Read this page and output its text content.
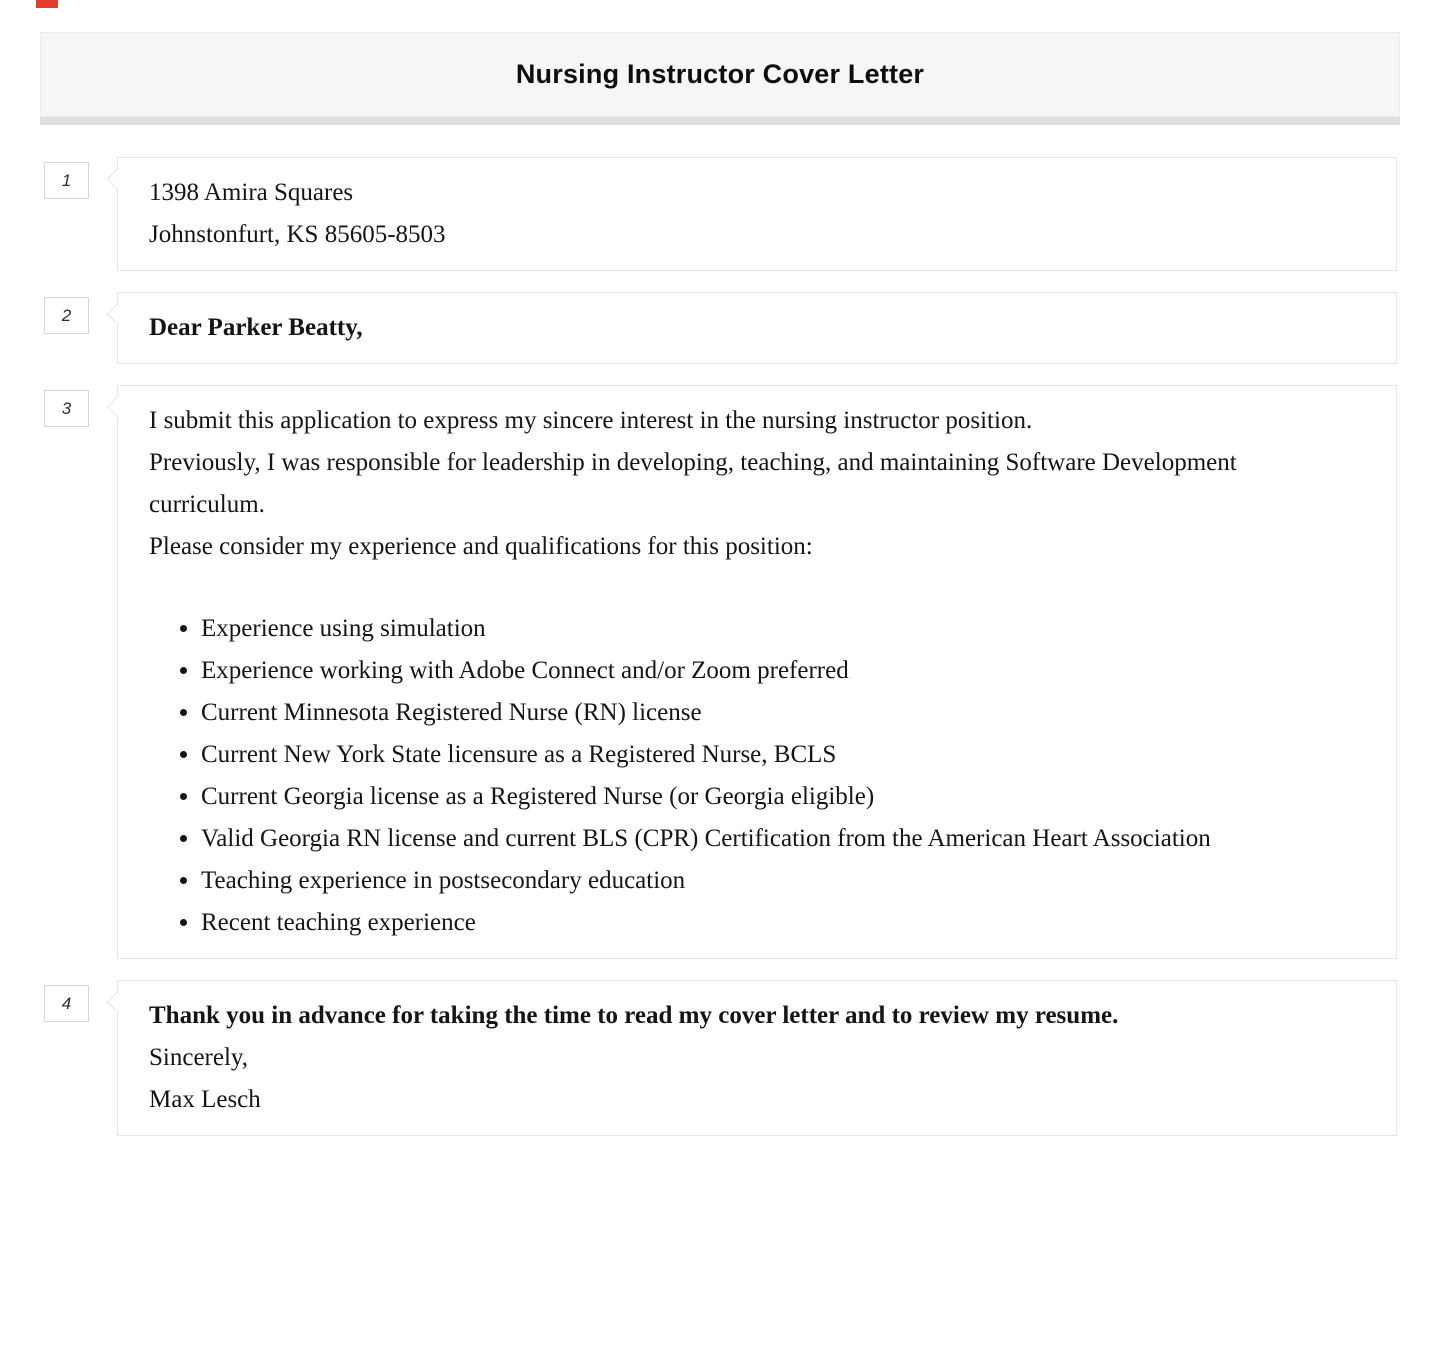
Nursing Instructor Cover Letter
1	1398 Amira Squares

Johnstonfurt, KS 85605-8503

2	Dear Parker Beatty,

3	I submit this application to express my sincere interest in the nursing instructor position.

Previously, I was responsible for leadership in developing, teaching, and maintaining Software Development curriculum.

Please consider my experience and qualifications for this position:

• Experience using simulation
• Experience working with Adobe Connect and/or Zoom preferred
• Current Minnesota Registered Nurse (RN) license
• Current New York State licensure as a Registered Nurse, BCLS
• Current Georgia license as a Registered Nurse (or Georgia eligible)
• Valid Georgia RN license and current BLS (CPR) Certification from the American Heart Association
• Teaching experience in postsecondary education
• Recent teaching experience
4	Thank you in advance for taking the time to read my cover letter and to review my resume.

Sincerely,

Max Lesch
